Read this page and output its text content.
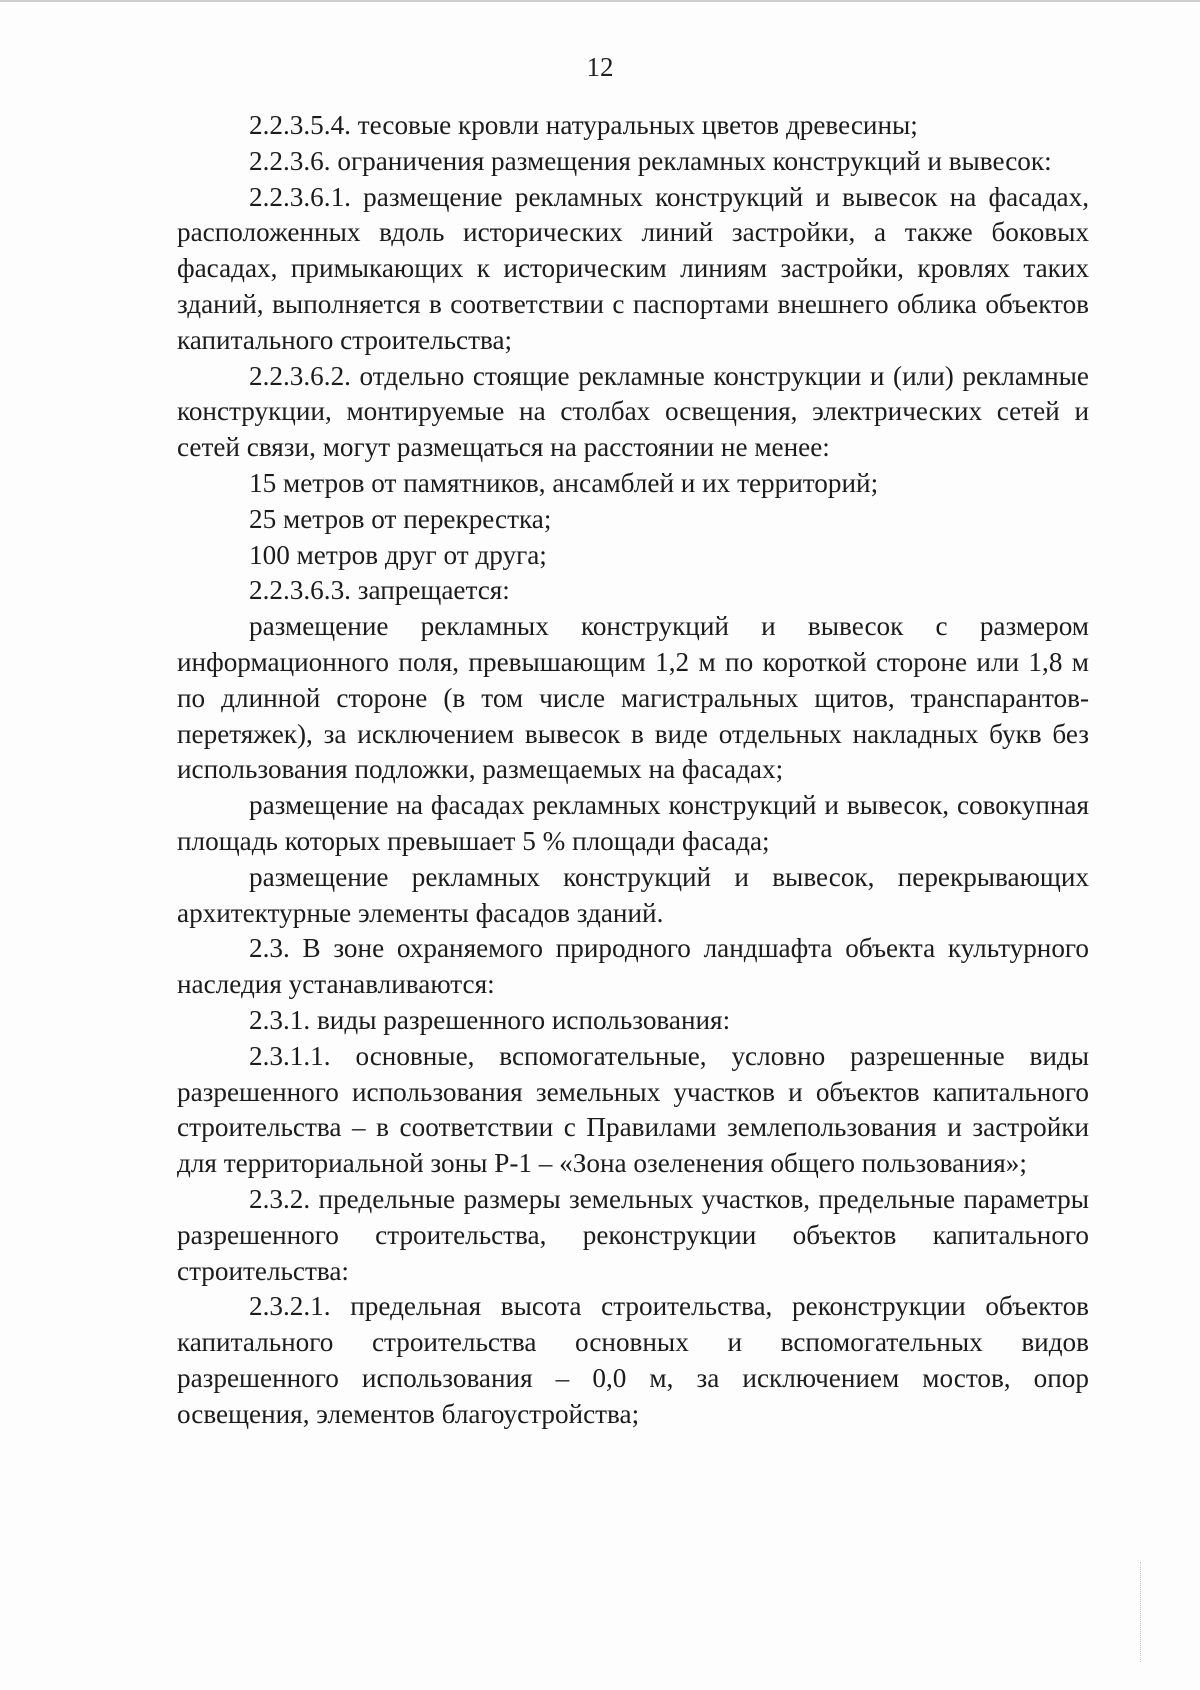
12

2.2.3.5.4. тесовые кровли натуральных цветов древесины;

2.2.3.6. ограничения размещения рекламных конструкций и вывесок:

2.2.3.6.1. размещение рекламных конструкций и вывесок на фасадах, расположенных вдоль исторических линий застройки, а также боковых фасадах, примыкающих к историческим линиям застройки, кровлях таких зданий, выполняется в соответствии с паспортами внешнего облика объектов капитального строительства;

2.2.3.6.2. отдельно стоящие рекламные конструкции и (или) рекламные конструкции, монтируемые на столбах освещения, электрических сетей и сетей связи, могут размещаться на расстоянии не менее:

15 метров от памятников, ансамблей и их территорий;

25 метров от перекрестка;

100 метров друг от друга;

2.2.3.6.3. запрещается:

размещение рекламных конструкций и вывесок с размером информационного поля, превышающим 1,2 м по короткой стороне или 1,8 м по длинной стороне (в том числе магистральных щитов, транспарантов-перетяжек), за исключением вывесок в виде отдельных накладных букв без использования подложки, размещаемых на фасадах;

размещение на фасадах рекламных конструкций и вывесок, совокупная площадь которых превышает 5 % площади фасада;

размещение рекламных конструкций и вывесок, перекрывающих архитектурные элементы фасадов зданий.

2.3. В зоне охраняемого природного ландшафта объекта культурного наследия устанавливаются:

2.3.1. виды разрешенного использования:

2.3.1.1. основные, вспомогательные, условно разрешенные виды разрешенного использования земельных участков и объектов капитального строительства – в соответствии с Правилами землепользования и застройки для территориальной зоны Р-1 – «Зона озеленения общего пользования»;

2.3.2. предельные размеры земельных участков, предельные параметры разрешенного строительства, реконструкции объектов капитального строительства:

2.3.2.1. предельная высота строительства, реконструкции объектов капитального строительства основных и вспомогательных видов разрешенного использования – 0,0 м, за исключением мостов, опор освещения, элементов благоустройства;
